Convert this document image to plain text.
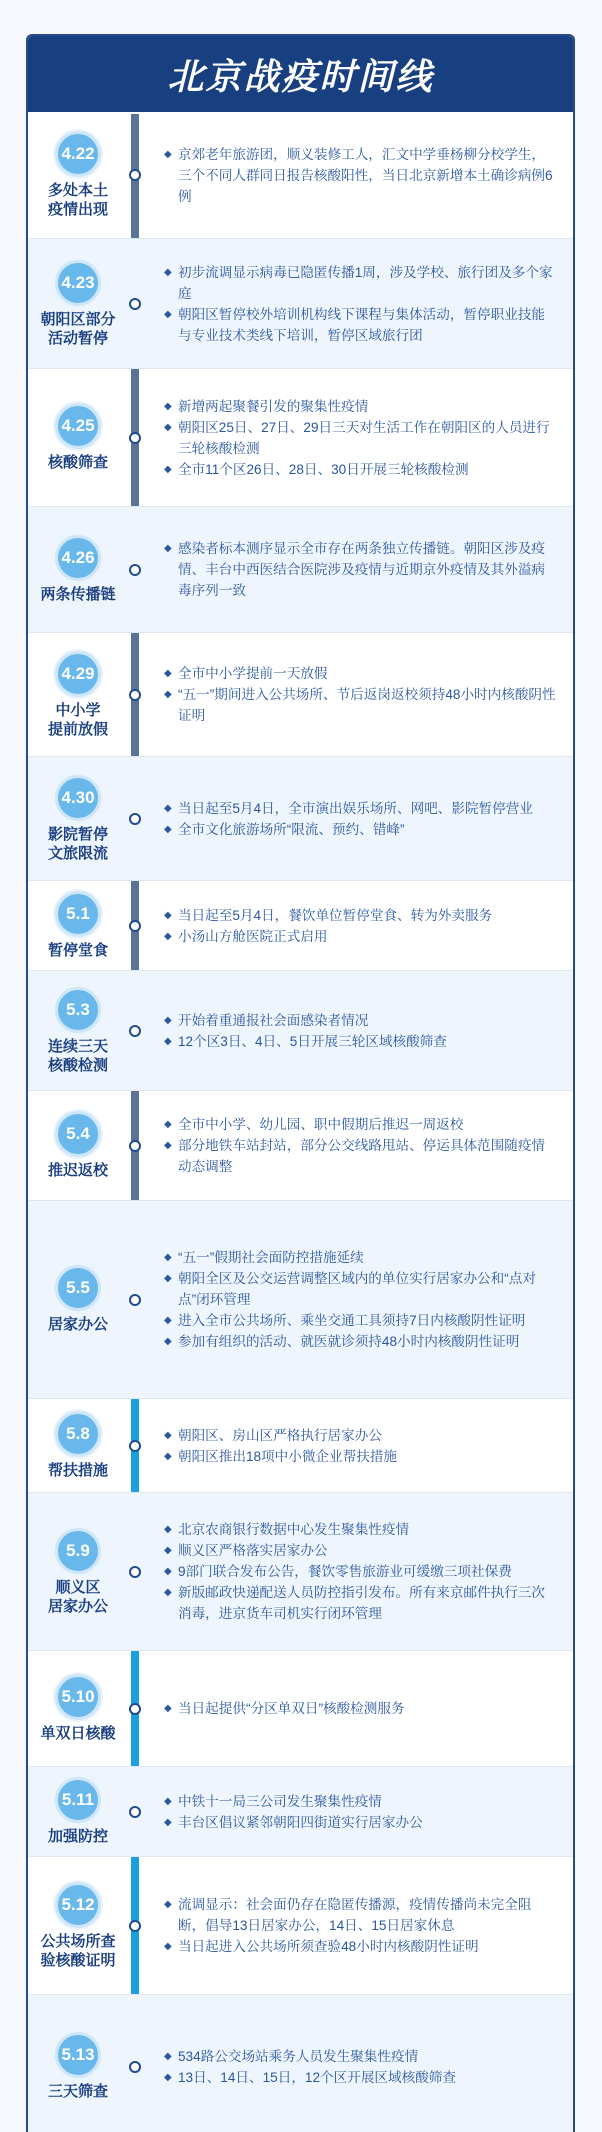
北京战疫时间线
4.22
多处本土
疫情出现
◆ 京郊老年旅游团，顺义装修工人，汇文中学垂杨柳分校学生，三个不同人群同日报告核酸阳性，当日北京新增本土确诊病例6例
4.23
朝阳区部分
活动暂停
◆ 初步流调显示病毒已隐匿传播1周，涉及学校、旅行团及多个家庭
◆ 朝阳区暂停校外培训机构线下课程与集体活动，暂停职业技能与专业技术类线下培训，暂停区域旅行团
4.25
核酸筛查
◆ 新增两起聚餐引发的聚集性疫情
◆ 朝阳区25日、27日、29日三天对生活工作在朝阳区的人员进行三轮核酸检测
◆ 全市11个区26日、28日、30日开展三轮核酸检测
4.26
两条传播链
◆ 感染者标本测序显示全市存在两条独立传播链。朝阳区涉及疫情、丰台中西医结合医院涉及疫情与近期京外疫情及其外溢病毒序列一致
4.29
中小学
提前放假
◆ 全市中小学提前一天放假
◆ “五一”期间进入公共场所、节后返岗返校须持48小时内核酸阴性证明
4.30
影院暂停
文旅限流
◆ 当日起至5月4日，全市演出娱乐场所、网吧、影院暂停营业
◆ 全市文化旅游场所“限流、预约、错峰”
5.1
暂停堂食
◆ 当日起至5月4日，餐饮单位暂停堂食、转为外卖服务
◆ 小汤山方舱医院正式启用
5.3
连续三天
核酸检测
◆ 开始着重通报社会面感染者情况
◆ 12个区3日、4日、5日开展三轮区域核酸筛查
5.4
推迟返校
◆ 全市中小学、幼儿园、职中假期后推迟一周返校
◆ 部分地铁车站封站，部分公交线路甩站、停运具体范围随疫情动态调整
5.5
居家办公
◆ “五一”假期社会面防控措施延续
◆ 朝阳全区及公交运营调整区域内的单位实行居家办公和“点对点”闭环管理
◆ 进入全市公共场所、乘坐交通工具须持7日内核酸阴性证明
◆ 参加有组织的活动、就医就诊须持48小时内核酸阴性证明
5.8
帮扶措施
◆ 朝阳区、房山区严格执行居家办公
◆ 朝阳区推出18项中小微企业帮扶措施
5.9
顺义区
居家办公
◆ 北京农商银行数据中心发生聚集性疫情
◆ 顺义区严格落实居家办公
◆ 9部门联合发布公告，餐饮零售旅游业可缓缴三项社保费
◆ 新版邮政快递配送人员防控指引发布。所有来京邮件执行三次消毒，进京货车司机实行闭环管理
5.10
单双日核酸
◆ 当日起提供“分区单双日”核酸检测服务
5.11
加强防控
◆ 中铁十一局三公司发生聚集性疫情
◆ 丰台区倡议紧邻朝阳四街道实行居家办公
5.12
公共场所查
验核酸证明
◆ 流调显示：社会面仍存在隐匿传播源，疫情传播尚未完全阻断，倡导13日居家办公，14日、15日居家休息
◆ 当日起进入公共场所须查验48小时内核酸阴性证明
5.13
三天筛查
◆ 534路公交场站乘务人员发生聚集性疫情
◆ 13日、14日、15日，12个区开展区域核酸筛查
